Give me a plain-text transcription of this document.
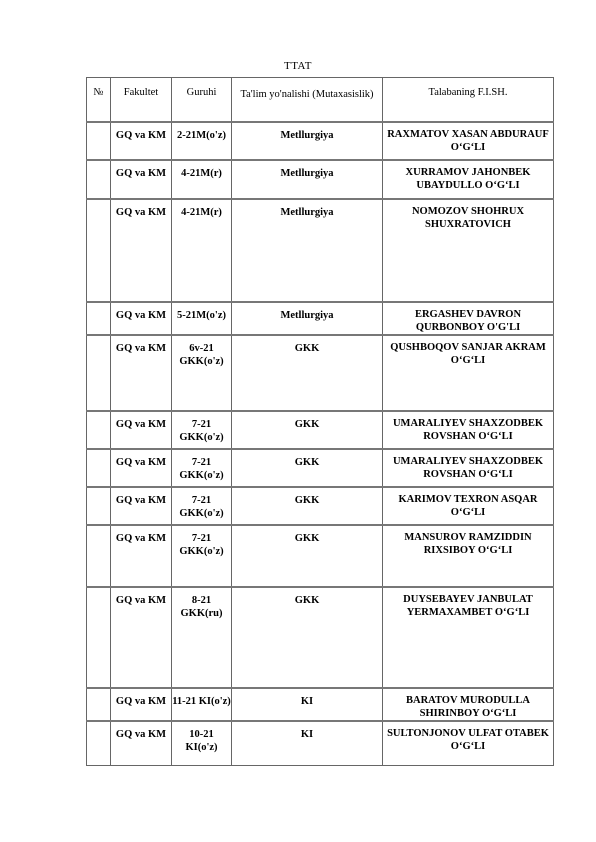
TTAT
№	Fakultet	Guruhi	Ta'lim yo'nalishi (Mutaxasislik)	Talabaning F.I.SH.
	GQ va KM	2-21M(o'z)	Metllurgiya	RAXMATOV XASAN ABDURAUF O‘G‘LI
	GQ va KM	4-21M(r)	Metllurgiya	XURRAMOV JAHONBEK UBAYDULLO O‘G‘LI
	GQ va KM	4-21M(r)	Metllurgiya	NOMOZOV SHOHRUX SHUXRATOVICH
	GQ va KM	5-21M(o'z)	Metllurgiya	ERGASHEV DAVRON QURBONBOY O'G'LI
	GQ va KM	6v-21 GKK(o'z)	GKK	QUSHBOQOV SANJAR AKRAM O‘G‘LI
	GQ va KM	7-21 GKK(o'z)	GKK	UMARALIYEV SHAXZODBEK ROVSHAN O‘G‘LI
	GQ va KM	7-21 GKK(o'z)	GKK	UMARALIYEV SHAXZODBEK ROVSHAN O‘G‘LI
	GQ va KM	7-21 GKK(o'z)	GKK	KARIMOV TEXRON ASQAR O‘G‘LI
	GQ va KM	7-21 GKK(o'z)	GKK	MANSUROV RAMZIDDIN RIXSIBOY O‘G‘LI
	GQ va KM	8-21 GKK(ru)	GKK	DUYSEBAYEV JANBULAT YERMAXAMBET O‘G‘LI
	GQ va KM	11-21 KI(o'z)	KI	BARATOV MURODULLA SHIRINBOY O‘G‘LI
	GQ va KM	10-21 KI(o'z)	KI	SULTONJONOV ULFAT OTABEK O‘G‘LI
